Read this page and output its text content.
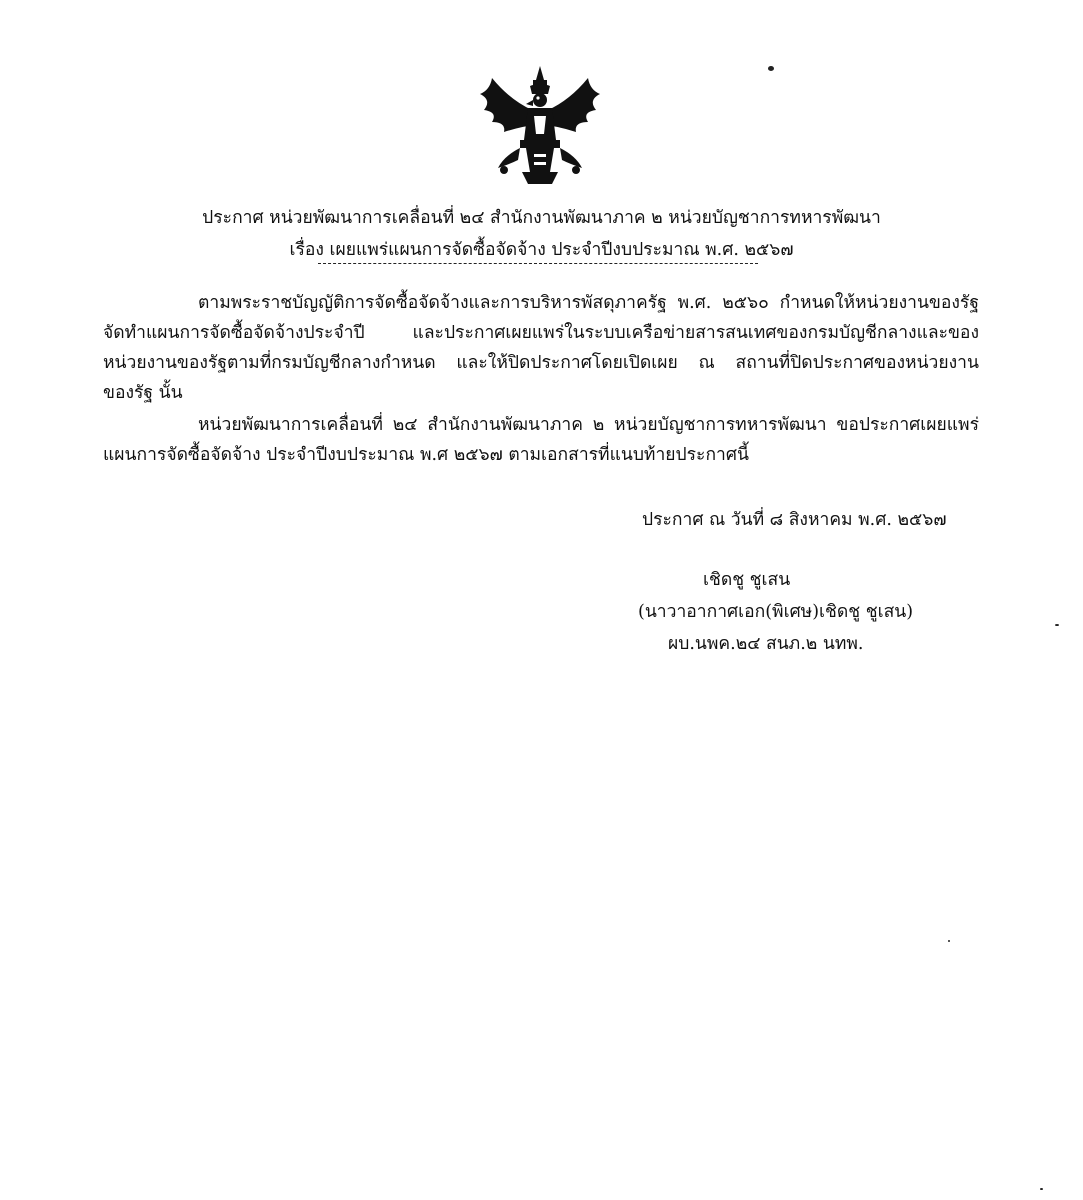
ประกาศ หน่วยพัฒนาการเคลื่อนที่ ๒๔ สำนักงานพัฒนาภาค ๒ หน่วยบัญชาการทหารพัฒนา
เรื่อง เผยแพร่แผนการจัดซื้อจัดจ้าง ประจำปีงบประมาณ พ.ศ. ๒๕๖๗
ตามพระราชบัญญัติการจัดซื้อจัดจ้างและการบริหารพัสดุภาครัฐ พ.ศ. ๒๕๖๐ กำหนดให้หน่วยงานของรัฐ
จัดทำแผนการจัดซื้อจัดจ้างประจำปี	และประกาศเผยแพร่ในระบบเครือข่ายสารสนเทศของกรมบัญชีกลางและของ
หน่วยงานของรัฐตามที่กรมบัญชีกลางกำหนด และให้ปิดประกาศโดยเปิดเผย ณ สถานที่ปิดประกาศของหน่วยงาน
ของรัฐ นั้น
หน่วยพัฒนาการเคลื่อนที่ ๒๔ สำนักงานพัฒนาภาค ๒ หน่วยบัญชาการทหารพัฒนา ขอประกาศเผยแพร่
แผนการจัดซื้อจัดจ้าง ประจำปีงบประมาณ พ.ศ ๒๕๖๗ ตามเอกสารที่แนบท้ายประกาศนี้
ประกาศ ณ วันที่ ๘ สิงหาคม พ.ศ. ๒๕๖๗
เชิดชู ชูเสน
(นาวาอากาศเอก(พิเศษ)เชิดชู ชูเสน)
ผบ.นพค.๒๔ สนภ.๒ นทพ.
